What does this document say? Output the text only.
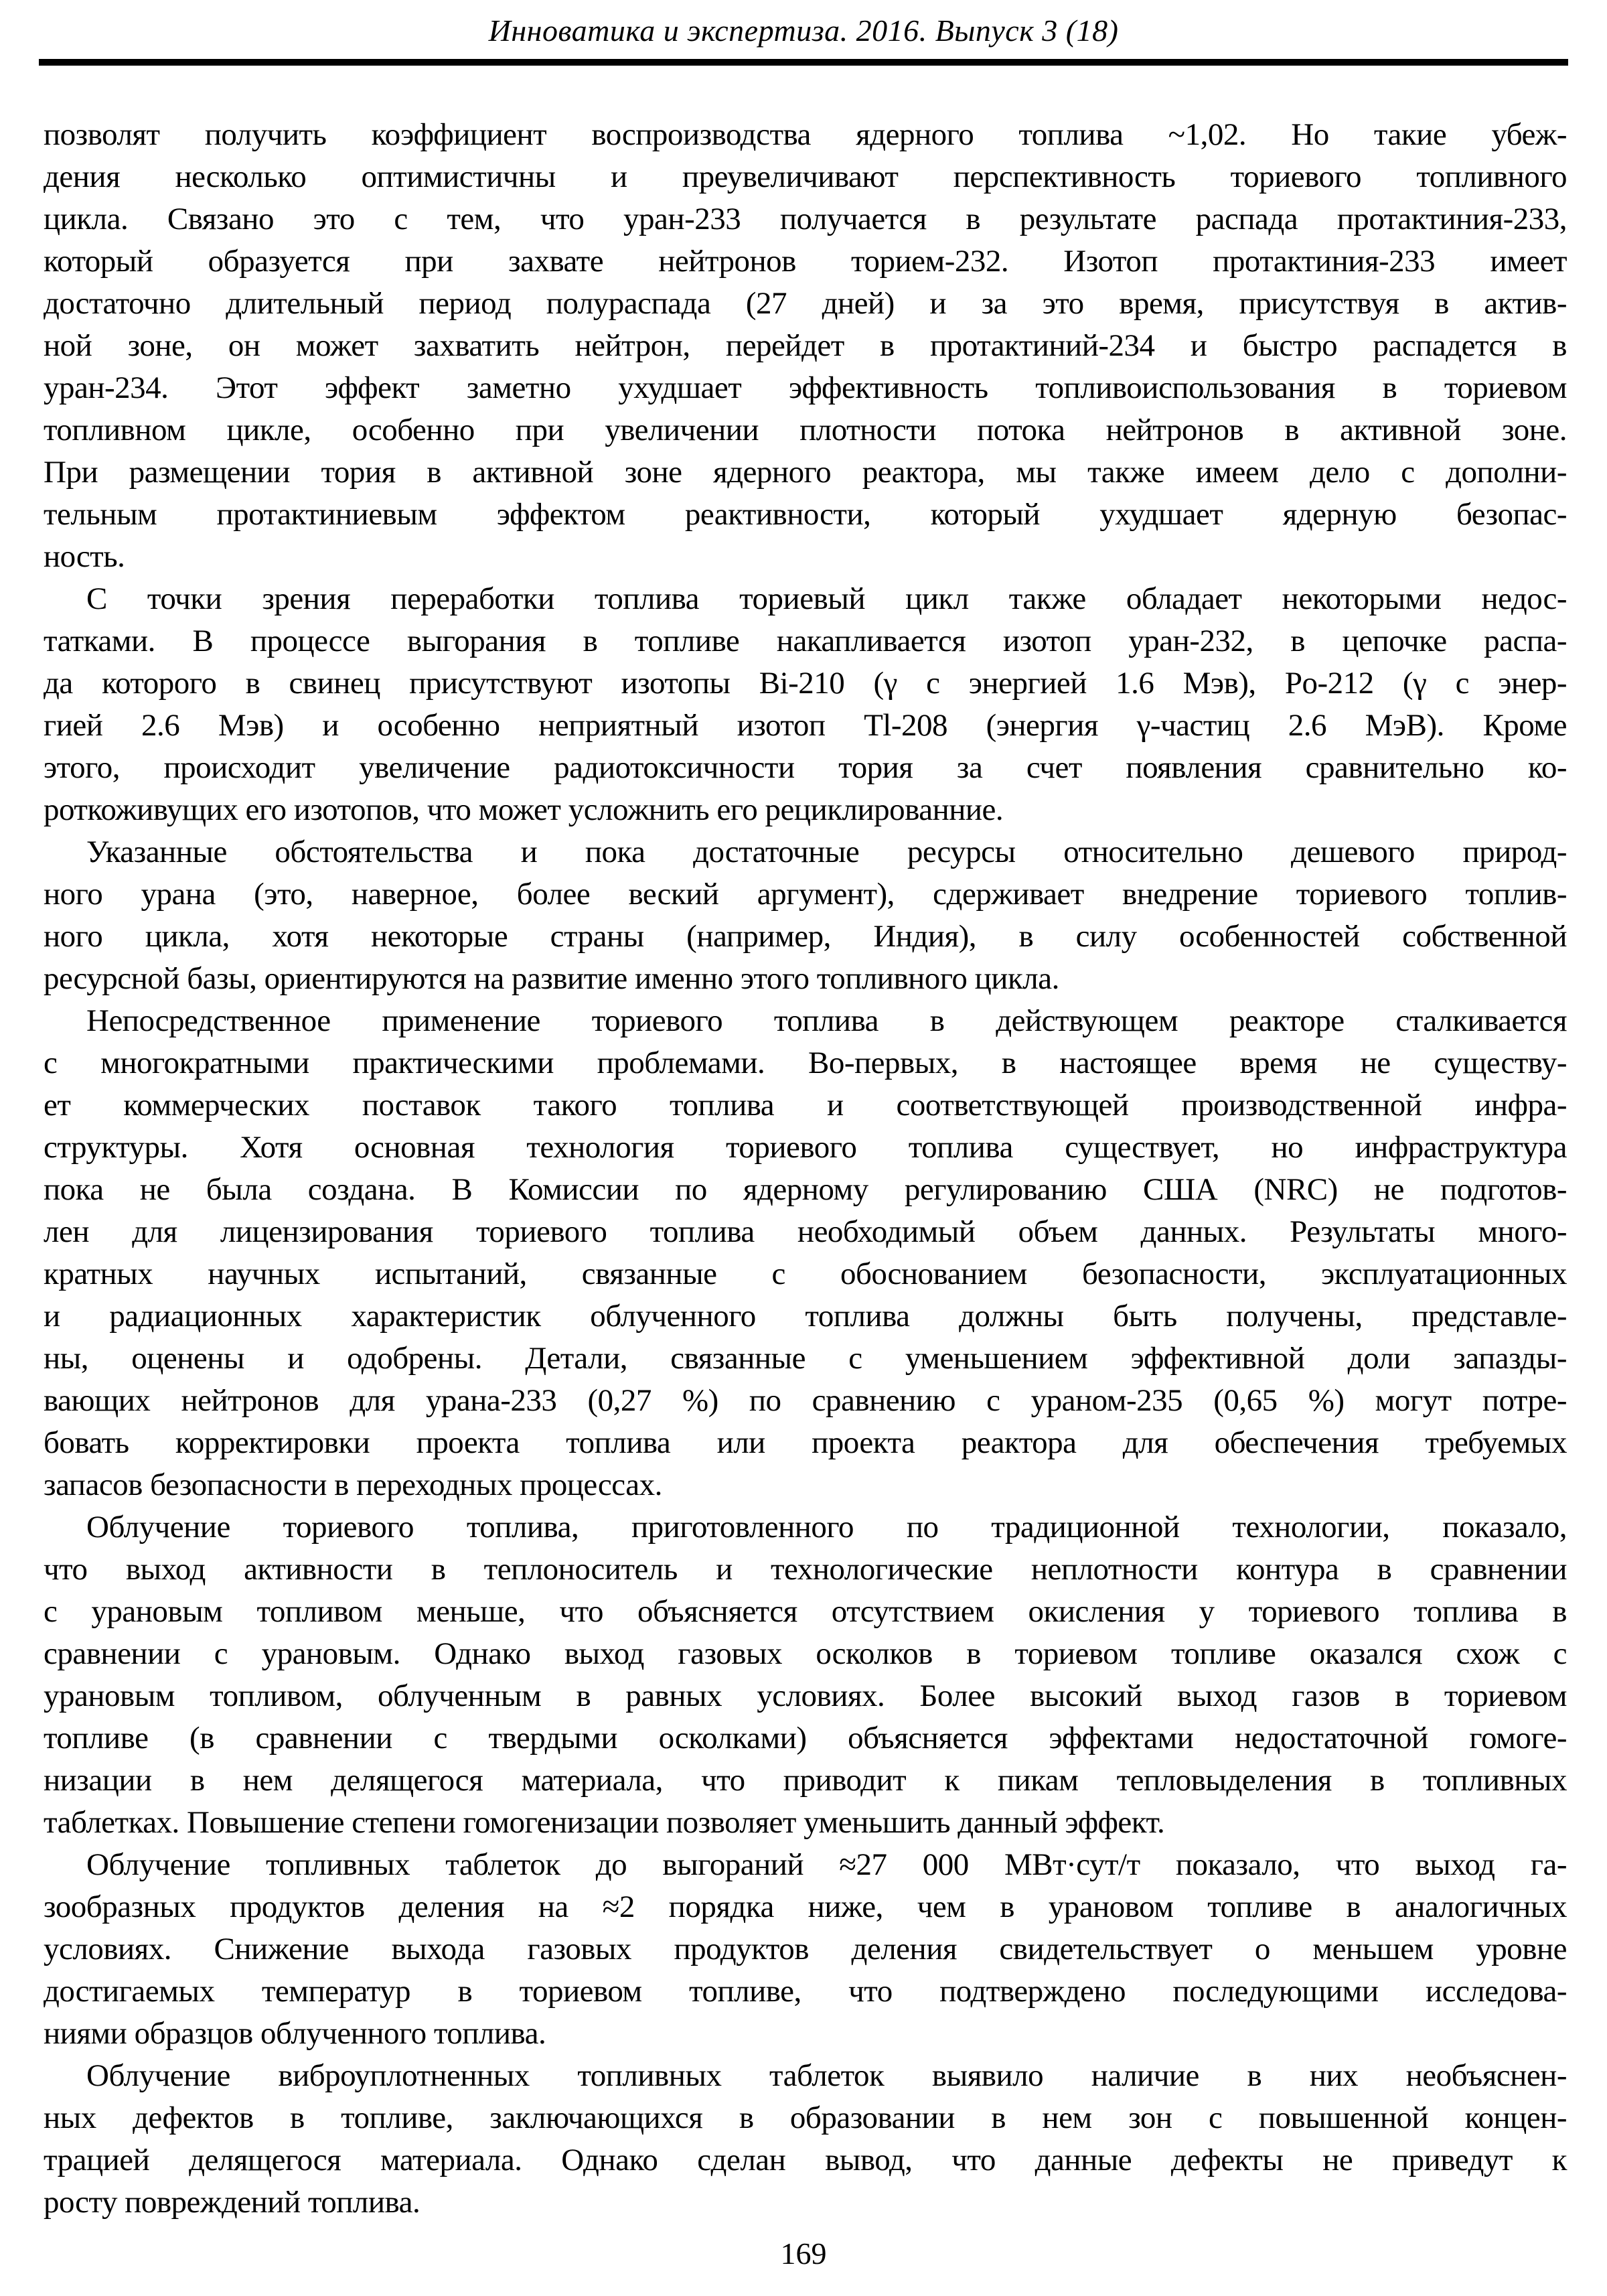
Инноватика и экспертиза. 2016. Выпуск 3 (18)
позволят получить коэффициент воспроизводства ядерного топлива ~1,02. Но такие убеж-
дения несколько оптимистичны и преувеличивают перспективность ториевого топливного
цикла. Связано это с тем, что уран-233 получается в результате распада протактиния-233,
который образуется при захвате нейтронов торием-232. Изотоп протактиния-233 имеет
достаточно длительный период полураспада (27 дней) и за это время, присутствуя в актив-
ной зоне, он может захватить нейтрон, перейдет в протактиний-234 и быстро распадется в
уран-234. Этот эффект заметно ухудшает эффективность топливоиспользования в ториевом
топливном цикле, особенно при увеличении плотности потока нейтронов в активной зоне.
При размещении тория в активной зоне ядерного реактора, мы также имеем дело с дополни-
тельным протактиниевым эффектом реактивности, который ухудшает ядерную безопас-
ность.
С точки зрения переработки топлива ториевый цикл также обладает некоторыми недос-
татками. В процессе выгорания в топливе накапливается изотоп уран-232, в цепочке распа-
да которого в свинец присутствуют изотопы Bi-210 (γ с энергией 1.6 Мэв), Po-212 (γ с энер-
гией 2.6 Мэв) и особенно неприятный изотоп Tl-208 (энергия γ-частиц 2.6 МэВ). Кроме
этого, происходит увеличение радиотоксичности тория за счет появления сравнительно ко-
роткоживущих его изотопов, что может усложнить его рециклированние.
Указанные обстоятельства и пока достаточные ресурсы относительно дешевого природ-
ного урана (это, наверное, более веский аргумент), сдерживает внедрение ториевого топлив-
ного цикла, хотя некоторые страны (например, Индия), в силу особенностей собственной
ресурсной базы, ориентируются на развитие именно этого топливного цикла.
Непосредственное применение ториевого топлива в действующем реакторе сталкивается
с многократными практическими проблемами. Во-первых, в настоящее время не существу-
ет коммерческих поставок такого топлива и соответствующей производственной инфра-
структуры. Хотя основная технология ториевого топлива существует, но инфраструктура
пока не была создана. В Комиссии по ядерному регулированию США (NRC) не подготов-
лен для лицензирования ториевого топлива необходимый объем данных. Результаты много-
кратных научных испытаний, связанные с обоснованием безопасности, эксплуатационных
и радиационных характеристик облученного топлива должны быть получены, представле-
ны, оценены и одобрены. Детали, связанные с уменьшением эффективной доли запазды-
вающих нейтронов для урана-233 (0,27 %) по сравнению с ураном-235 (0,65 %) могут потре-
бовать корректировки проекта топлива или проекта реактора для обеспечения требуемых
запасов безопасности в переходных процессах.
Облучение ториевого топлива, приготовленного по традиционной технологии, показало,
что выход активности в теплоноситель и технологические неплотности контура в сравнении
с урановым топливом меньше, что объясняется отсутствием окисления у ториевого топлива в
сравнении с урановым. Однако выход газовых осколков в ториевом топливе оказался схож с
урановым топливом, облученным в равных условиях. Более высокий выход газов в ториевом
топливе (в сравнении с твердыми осколками) объясняется эффектами недостаточной гомоге-
низации в нем делящегося материала, что приводит к пикам тепловыделения в топливных
таблетках. Повышение степени гомогенизации позволяет уменьшить данный эффект.
Облучение топливных таблеток до выгораний ≈27 000 МВт·сут/т показало, что выход га-
зообразных продуктов деления на ≈2 порядка ниже, чем в урановом топливе в аналогичных
условиях. Снижение выхода газовых продуктов деления свидетельствует о меньшем уровне
достигаемых температур в ториевом топливе, что подтверждено последующими исследова-
ниями образцов облученного топлива.
Облучение виброуплотненных топливных таблеток выявило наличие в них необъяснен-
ных дефектов в топливе, заключающихся в образовании в нем зон с повышенной концен-
трацией делящегося материала. Однако сделан вывод, что данные дефекты не приведут к
росту повреждений топлива.
169
